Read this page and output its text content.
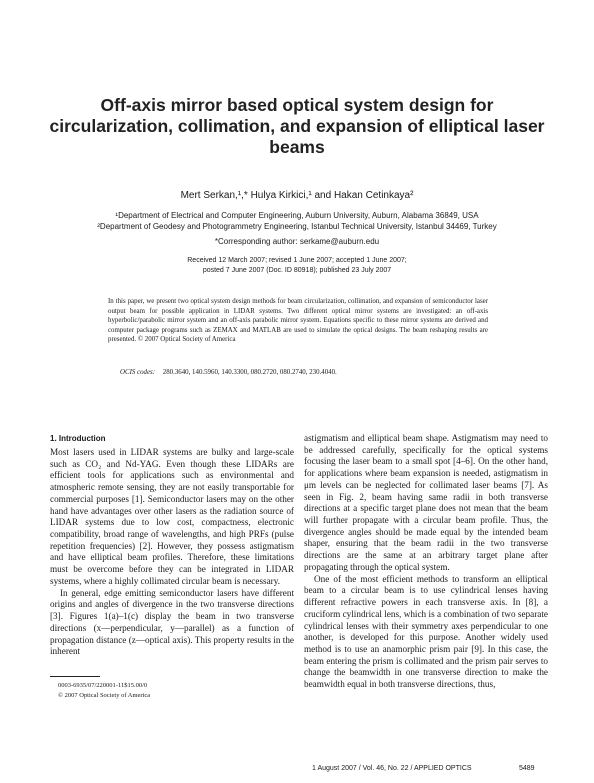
Off-axis mirror based optical system design for circularization, collimation, and expansion of elliptical laser beams
Mert Serkan,¹,* Hulya Kirkici,¹ and Hakan Cetinkaya²
¹Department of Electrical and Computer Engineering, Auburn University, Auburn, Alabama 36849, USA
²Department of Geodesy and Photogrammetry Engineering, Istanbul Technical University, Istanbul 34469, Turkey
*Corresponding author: serkame@auburn.edu
Received 12 March 2007; revised 1 June 2007; accepted 1 June 2007;
posted 7 June 2007 (Doc. ID 80918); published 23 July 2007
In this paper, we present two optical system design methods for beam circularization, collimation, and expansion of semiconductor laser output beam for possible application in LIDAR systems. Two different optical mirror systems are investigated: an off-axis hyperbolic/parabolic mirror system and an off-axis parabolic mirror system. Equations specific to these mirror systems are derived and computer package programs such as ZEMAX and MATLAB are used to simulate the optical designs. The beam reshaping results are presented. © 2007 Optical Society of America
OCIS codes: 280.3640, 140.5960, 140.3300, 080.2720, 080.2740, 230.4040.
1. Introduction

Most lasers used in LIDAR systems are bulky and large-scale such as CO₂ and Nd-YAG. Even though these LIDARs are efficient tools for applications such as environmental and atmospheric remote sensing, they are not easily transportable for commercial purposes [1]. Semiconductor lasers may on the other hand have advantages over other lasers as the radiation source of LIDAR systems due to low cost, compactness, electronic compatibility, broad range of wavelengths, and high PRFs (pulse repetition frequencies) [2]. However, they possess astigmatism and have elliptical beam profiles. Therefore, these limitations must be overcome before they can be integrated in LIDAR systems, where a highly collimated circular beam is necessary.

In general, edge emitting semiconductor lasers have different origins and angles of divergence in the two transverse directions [3]. Figures 1(a)–1(c) display the beam in two transverse directions (x—perpendicular, y—parallel) as a function of propagation distance (z—optical axis). This property results in the inherent

astigmatism and elliptical beam shape. Astigmatism may need to be addressed carefully, specifically for the optical systems focusing the laser beam to a small spot [4–6]. On the other hand, for applications where beam expansion is needed, astigmatism in μm levels can be neglected for collimated laser beams [7]. As seen in Fig. 2, beam having same radii in both transverse directions at a specific target plane does not mean that the beam will further propagate with a circular beam profile. Thus, the divergence angles should be made equal by the intended beam shaper, ensuring that the beam radii in the two transverse directions are the same at an arbitrary target plane after propagating through the optical system.

One of the most efficient methods to transform an elliptical beam to a circular beam is to use cylindrical lenses having different refractive powers in each transverse axis. In [8], a cruciform cylindrical lens, which is a combination of two separate cylindrical lenses with their symmetry axes perpendicular to one another, is developed for this purpose. Another widely used method is to use an anamorphic prism pair [9]. In this case, the beam entering the prism is collimated and the prism pair serves to change the beamwidth in one transverse direction to make the beamwidth equal in both transverse directions, thus,

0003-6935/07/220001-11$15.00/0
© 2007 Optical Society of America
1 August 2007 / Vol. 46, No. 22 / APPLIED OPTICS	5489
